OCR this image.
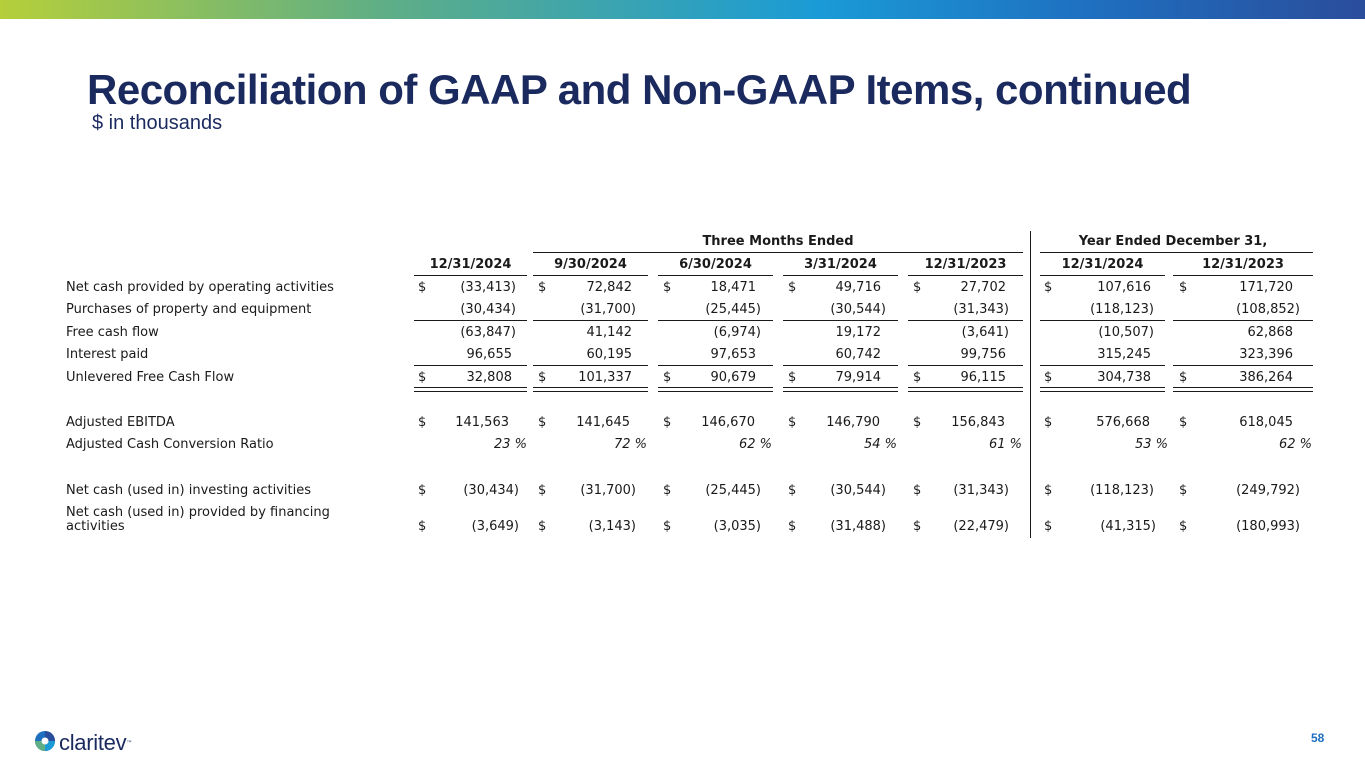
Reconciliation of GAAP and Non-GAAP Items, continued
$ in thousands
Three Months Ended	Year Ended December 31,
12/31/2024	9/30/2024	6/30/2024	3/31/2024	12/31/2023	12/31/2024	12/31/2023
Net cash provided by operating activities	$	(33,413) $	72,842 $	18,471 $	49,716 $	27,702	$	107,616 $	171,720
Purchases of property and equipment	(30,434)	(31,700)	(25,445)	(30,544)	(31,343)	(118,123)	(108,852)
Free cash flow	(63,847)	41,142	(6,974)	19,172	(3,641)	(10,507)	62,868
Interest paid	96,655	60,195	97,653	60,742	99,756	315,245	323,396
Unlevered Free Cash Flow	$	32,808 $	101,337 $	90,679 $	79,914 $	96,115	$	304,738 $	386,264
Adjusted EBITDA	$	141,563 $	141,645	$	146,670	$	146,790	$	156,843	$	576,668 $	618,045
Adjusted Cash Conversion Ratio	23 %	72 %	62 %	54 %	61 %	53 %	62 %
Net cash (used in) investing activities	$	(30,434) $	(31,700) $	(25,445) $	(30,544) $	(31,343)	$	(118,123) $	(249,792)
Net cash (used in) provided by financing
activities	$	(3,649) $	(3,143) $	(3,035) $	(31,488) $	(22,479)	$	(41,315) $	(180,993)
claritev ™	58
